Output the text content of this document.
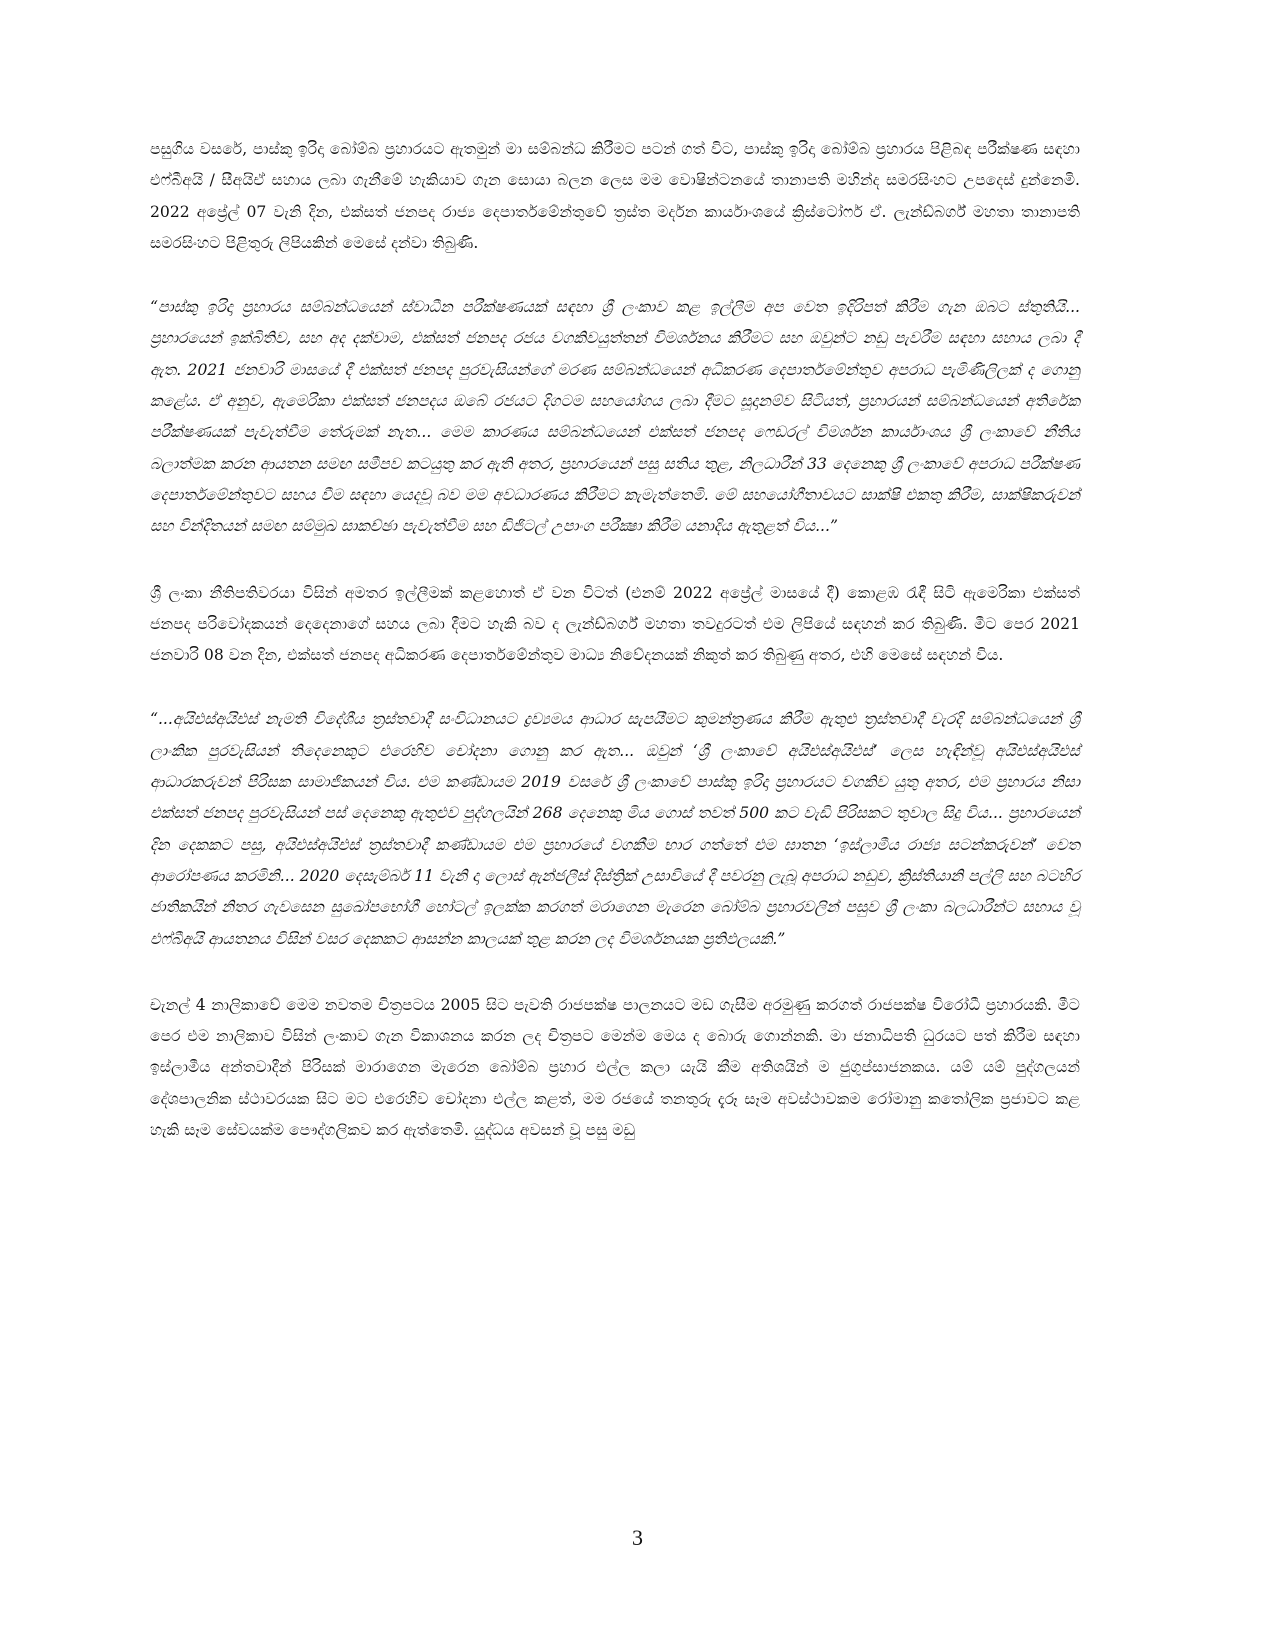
පසුගිය වසරේ, පාස්කු ඉරිදා බෝම්බ ප්‍රහාරයට ඇතමුන් මා සම්බන්ධ කිරීමට පටන් ගත් විට, පාස්කු ඉරිදා බෝම්බ ප්‍රහාරය පිළිබඳ පරීක්ෂණ සඳහා එෆ්බීඅයි / සීඅයිඒ සහාය ලබා ගැනීමේ හැකියාව ගැන සොයා බලන ලෙස මම වොෂින්ටනයේ තානාපති මහින්ද සමරසිංහට උපදෙස් දුන්නෙමි. 2022 අප්‍රේල් 07 වැනි දින, එක්සත් ජනපද රාජ්‍ය දෙපාර්තමේන්තුවේ ත්‍රස්ත මර්දන කාර්යාංශයේ ක්‍රිස්ටෝෆර් ඒ. ලැන්ඩ්බර්ග් මහතා තානාපති සමරසිංහට පිළිතුරු ලිපියකින් මෙසේ දන්වා තිබුණි.

“පාස්කු ඉරිදා ප්‍රහාරය සම්බන්ධයෙන් ස්වාධීන පරීක්ෂණයක් සඳහා ශ්‍රී ලංකාව කළ ඉල්ලීම අප වෙත ඉදිරිපත් කිරීම ගැන ඔබට ස්තුතියි... ප්‍රහාරයෙන් ඉක්බිතිව, සහ අද දක්වාම, එක්සත් ජනපද රජය වගකිවයුත්තන් විමර්ශනය කිරීමට සහ ඔවුන්ට නඩු පැවරීම සඳහා සහාය ලබා දී ඇත. 2021 ජනවාරි මාසයේ දී එක්සත් ජනපද පුරවැසියන්ගේ මරණ සම්බන්ධයෙන් අධිකරණ දෙපාර්තමේන්තුව අපරාධ පැමිණිලිලක් ද ගොනු කළේය. ඒ අනුව, ඇමෙරිකා එක්සත් ජනපදය ඔබේ රජයට දිගටම සහයෝගය ලබා දීමට සූදානම්ව සිටියත්, ප්‍රහාරයන් සම්බන්ධයෙන් අතිරේක පරීක්ෂණයක් පැවැත්වීම තේරුමක් නැත... මෙම කාරණය සම්බන්ධයෙන් එක්සත් ජනපද ෆෙඩරල් විමර්ශන කාර්යාංශය ශ්‍රී ලංකාවේ නීතිය බලාත්මක කරන ආයතන සමඟ සමීපව කටයුතු කර ඇති අතර, ප්‍රහාරයෙන් පසු සතිය තුළ, නිලධාරීන් 33 දෙනෙකු ශ්‍රී ලංකාවේ අපරාධ පරීක්ෂණ දෙපාර්තමේන්තුවට සහය වීම සඳහා යෙදවූ බව මම අවධාරණය කිරීමට කැමැත්තෙමි. මේ සහයෝගීතාවයට සාක්ෂි එකතු කිරීම, සාක්ෂිකරුවන් සහ වින්දිතයන් සමඟ සම්මුඛ සාකච්ඡා පැවැත්වීම සහ ඩිජිටල් උපාංග පරීක්‍ෂා කිරීම යනාදිය ඇතුළත් විය...”

ශ්‍රී ලංකා නීතිපතිවරයා විසින් අමතර ඉල්ලීමක් කළහොත් ඒ වන විටත් (එනම් 2022 අප්‍රේල් මාසයේ දී) කොළඹ රැඳී සිටි ඇමෙරිකා එක්සත් ජනපද පරිවෝදකයන් දෙදෙනාගේ සහය ලබා දීමට හැකි බව ද ලැන්ඩ්බර්ග් මහතා තවදුරටත් එම ලිපියේ සඳහන් කර තිබුණි. මීට පෙර 2021 ජනවාරි 08 වන දින, එක්සත් ජනපද අධිකරණ දෙපාර්තමේන්තුව මාධ්‍ය නිවේදනයක් නිකුත් කර තිබුණු අතර, එහි මෙසේ සඳහන් විය.

“...අයිඑස්අයිඑස් නැමති විදේශීය ත්‍රස්තවාදී සංවිධානයට ද්‍රව්‍යමය ආධාර සැපයීමට කුමන්ත්‍රණය කිරීම ඇතුළු ත්‍රස්තවාදී වැරදි සම්බන්ධයෙන් ශ්‍රී ලාංකික පුරවැසියන් තිදෙනෙකුට එරෙහිව චෝදනා ගොනු කර ඇත... ඔවුන් ‘ශ්‍රී ලංකාවේ අයිඑස්අයිඑස්’ ලෙස හැඳින්වූ අයිඑස්අයිඑස් ආධාරකරුවන් පිරිසක සාමාජිකයන් විය. එම කණ්ඩායම 2019 වසරේ ශ්‍රී ලංකාවේ පාස්කු ඉරිදා ප්‍රහාරයට වගකිව යුතු අතර, එම ප්‍රහාරය නිසා එක්සත් ජනපද පුරවැසියන් පස් දෙනෙකු ඇතුළුව පුද්ගලයින් 268 දෙනෙකු මිය ගොස් තවත් 500 කට වැඩි පිරිසකට තුවාල සිදු විය... ප්‍රහාරයෙන් දින දෙකකට පසු, අයිඑස්අයිඑස් ත්‍රස්තවාදී කණ්ඩායම එම ප්‍රහාරයේ වගකීම භාර ගත්තේ එම ඝාතන ‘ඉස්ලාමීය රාජ්‍ය සටන්කරුවන්’ වෙත ආරෝපණය කරමිනි... 2020 දෙසැම්බර් 11 වැනි දා ලොස් ඇන්ජලීස් දිස්ත්‍රික් උසාවියේ දී පවරනු ලැබූ අපරාධ නඩුව, ක්‍රිස්තියානි පල්ලි සහ බටහිර ජාතිකයින් නිතර ගැවසෙන සුඛෝපභෝගී හෝටල් ඉලක්ක කරගත් මරාගෙන මැරෙන බෝම්බ ප්‍රහාරවලින් පසුව ශ්‍රී ලංකා බලධාරීන්ට සහාය වූ එෆ්බීඅයි ආයතනය විසින් වසර දෙකකට ආසන්න කාලයක් තුළ කරන ලද විමර්ශනයක ප්‍රතිඵලයකි.”

චැනල් 4 නාලිකාවේ මෙම නවතම චිත්‍රපටය 2005 සිට පැවති රාජපක්ෂ පාලනයට මඩ ගැසීම අරමුණු කරගත් රාජපක්ෂ විරෝධී ප්‍රහාරයකි. මීට පෙර එම නාලිකාව විසින් ලංකාව ගැන විකාශනය කරන ලද චිත්‍රපට මෙන්ම මෙය ද බොරු ගොන්නකි. මා ජනාධිපති ධුරයට පත් කිරීම සඳහා ඉස්ලාමීය අන්තවාදීන් පිරිසක් මාරාගෙන මැරෙන බෝම්බ ප්‍රහාර එල්ල කලා යැයි කීම අතිශයින් ම ජුගුප්සාජනකය. යම් යම් පුද්ගලයන් දේශපාලනික ස්ථාවරයක සිට මට එරෙහිව චෝදනා එල්ල කළත්, මම රජයේ තනතුරු දැරූ සෑම අවස්ථාවකම රෝමානු කතෝලික ප්‍රජාවට කළ හැකි සෑම සේවයක්ම පෞද්ගලිකව කර ඇත්තෙමි. යුද්ධය අවසන් වූ පසු මඩු

3
